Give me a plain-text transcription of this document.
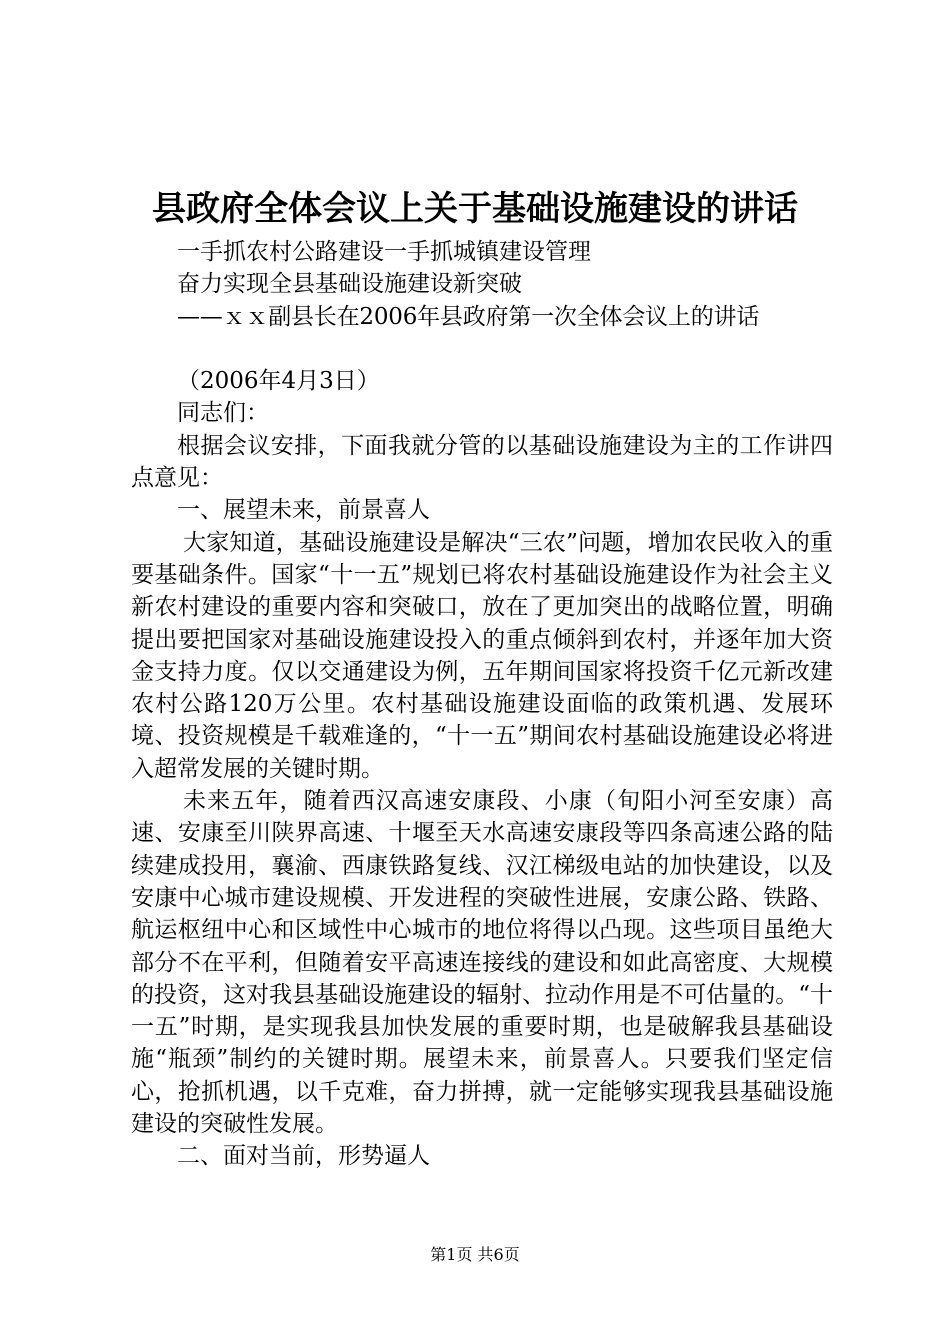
县政府全体会议上关于基础设施建设的讲话

一手抓农村公路建设一手抓城镇建设管理

奋力实现全县基础设施建设新突破

——ｘｘ副县长在2006年县政府第一次全体会议上的讲话

（2006年4月3日）

同志们：

根据会议安排，下面我就分管的以基础设施建设为主的工作讲四点意见：

一、展望未来，前景喜人

大家知道，基础设施建设是解决“三农”问题，增加农民收入的重要基础条件。国家“十一五”规划已将农村基础设施建设作为社会主义新农村建设的重要内容和突破口，放在了更加突出的战略位置，明确提出要把国家对基础设施建设投入的重点倾斜到农村，并逐年加大资金支持力度。仅以交通建设为例，五年期间国家将投资千亿元新改建农村公路120万公里。农村基础设施建设面临的政策机遇、发展环境、投资规模是千载难逢的，“十一五”期间农村基础设施建设必将进入超常发展的关键时期。

未来五年，随着西汉高速安康段、小康（旬阳小河至安康）高速、安康至川陕界高速、十堰至天水高速安康段等四条高速公路的陆续建成投用，襄渝、西康铁路复线、汉江梯级电站的加快建设，以及安康中心城市建设规模、开发进程的突破性进展，安康公路、铁路、航运枢纽中心和区域性中心城市的地位将得以凸现。这些项目虽绝大部分不在平利，但随着安平高速连接线的建设和如此高密度、大规模的投资，这对我县基础设施建设的辐射、拉动作用是不可估量的。“十一五”时期，是实现我县加快发展的重要时期，也是破解我县基础设施“瓶颈”制约的关键时期。展望未来，前景喜人。只要我们坚定信心，抢抓机遇，以千克难，奋力拼搏，就一定能够实现我县基础设施建设的突破性发展。

二、面对当前，形势逼人

第1页 共6页
